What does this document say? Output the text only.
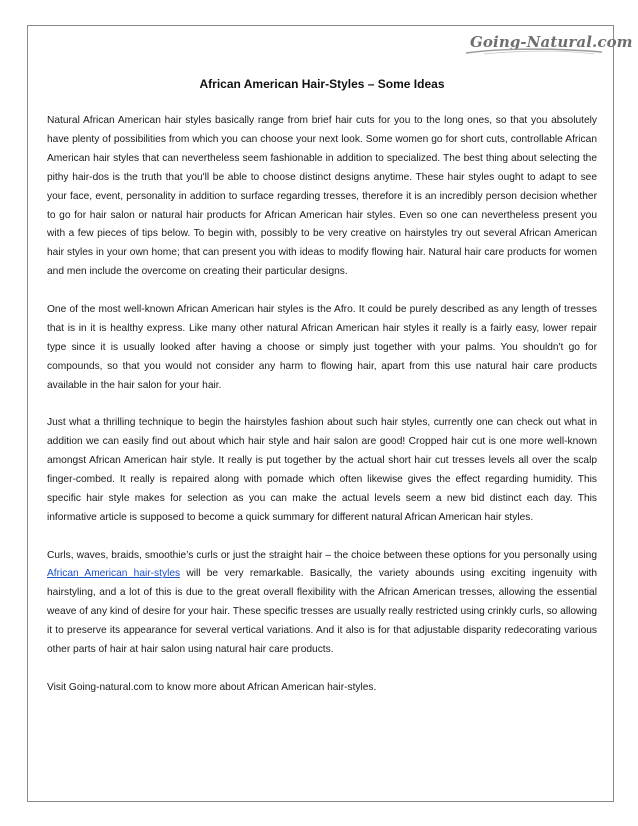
Going-Natural.com
African American Hair-Styles – Some Ideas

Natural African American hair styles basically range from brief hair cuts for you to the long ones, so that you absolutely have plenty of possibilities from which you can choose your next look. Some women go for short cuts, controllable African American hair styles that can nevertheless seem fashionable in addition to specialized. The best thing about selecting the pithy hair-dos is the truth that you'll be able to choose distinct designs anytime. These hair styles ought to adapt to see your face, event, personality in addition to surface regarding tresses, therefore it is an incredibly person decision whether to go for hair salon or natural hair products for African American hair styles. Even so one can nevertheless present you with a few pieces of tips below. To begin with, possibly to be very creative on hairstyles try out several African American hair styles in your own home; that can present you with ideas to modify flowing hair. Natural hair care products for women and men include the overcome on creating their particular designs.

One of the most well-known African American hair styles is the Afro. It could be purely described as any length of tresses that is in it is healthy express. Like many other natural African American hair styles it really is a fairly easy, lower repair type since it is usually looked after having a choose or simply just together with your palms. You shouldn't go for compounds, so that you would not consider any harm to flowing hair, apart from this use natural hair care products available in the hair salon for your hair.

Just what a thrilling technique to begin the hairstyles fashion about such hair styles, currently one can check out what in addition we can easily find out about which hair style and hair salon are good! Cropped hair cut is one more well-known amongst African American hair style. It really is put together by the actual short hair cut tresses levels all over the scalp finger-combed. It really is repaired along with pomade which often likewise gives the effect regarding humidity. This specific hair style makes for selection as you can make the actual levels seem a new bid distinct each day. This informative article is supposed to become a quick summary for different natural African American hair styles.

Curls, waves, braids, smoothie’s curls or just the straight hair – the choice between these options for you personally using African American hair-styles will be very remarkable. Basically, the variety abounds using exciting ingenuity with hairstyling, and a lot of this is due to the great overall flexibility with the African American tresses, allowing the essential weave of any kind of desire for your hair. These specific tresses are usually really restricted using crinkly curls, so allowing it to preserve its appearance for several vertical variations. And it also is for that adjustable disparity redecorating various other parts of hair at hair salon using natural hair care products.

Visit Going-natural.com to know more about African American hair-styles.
